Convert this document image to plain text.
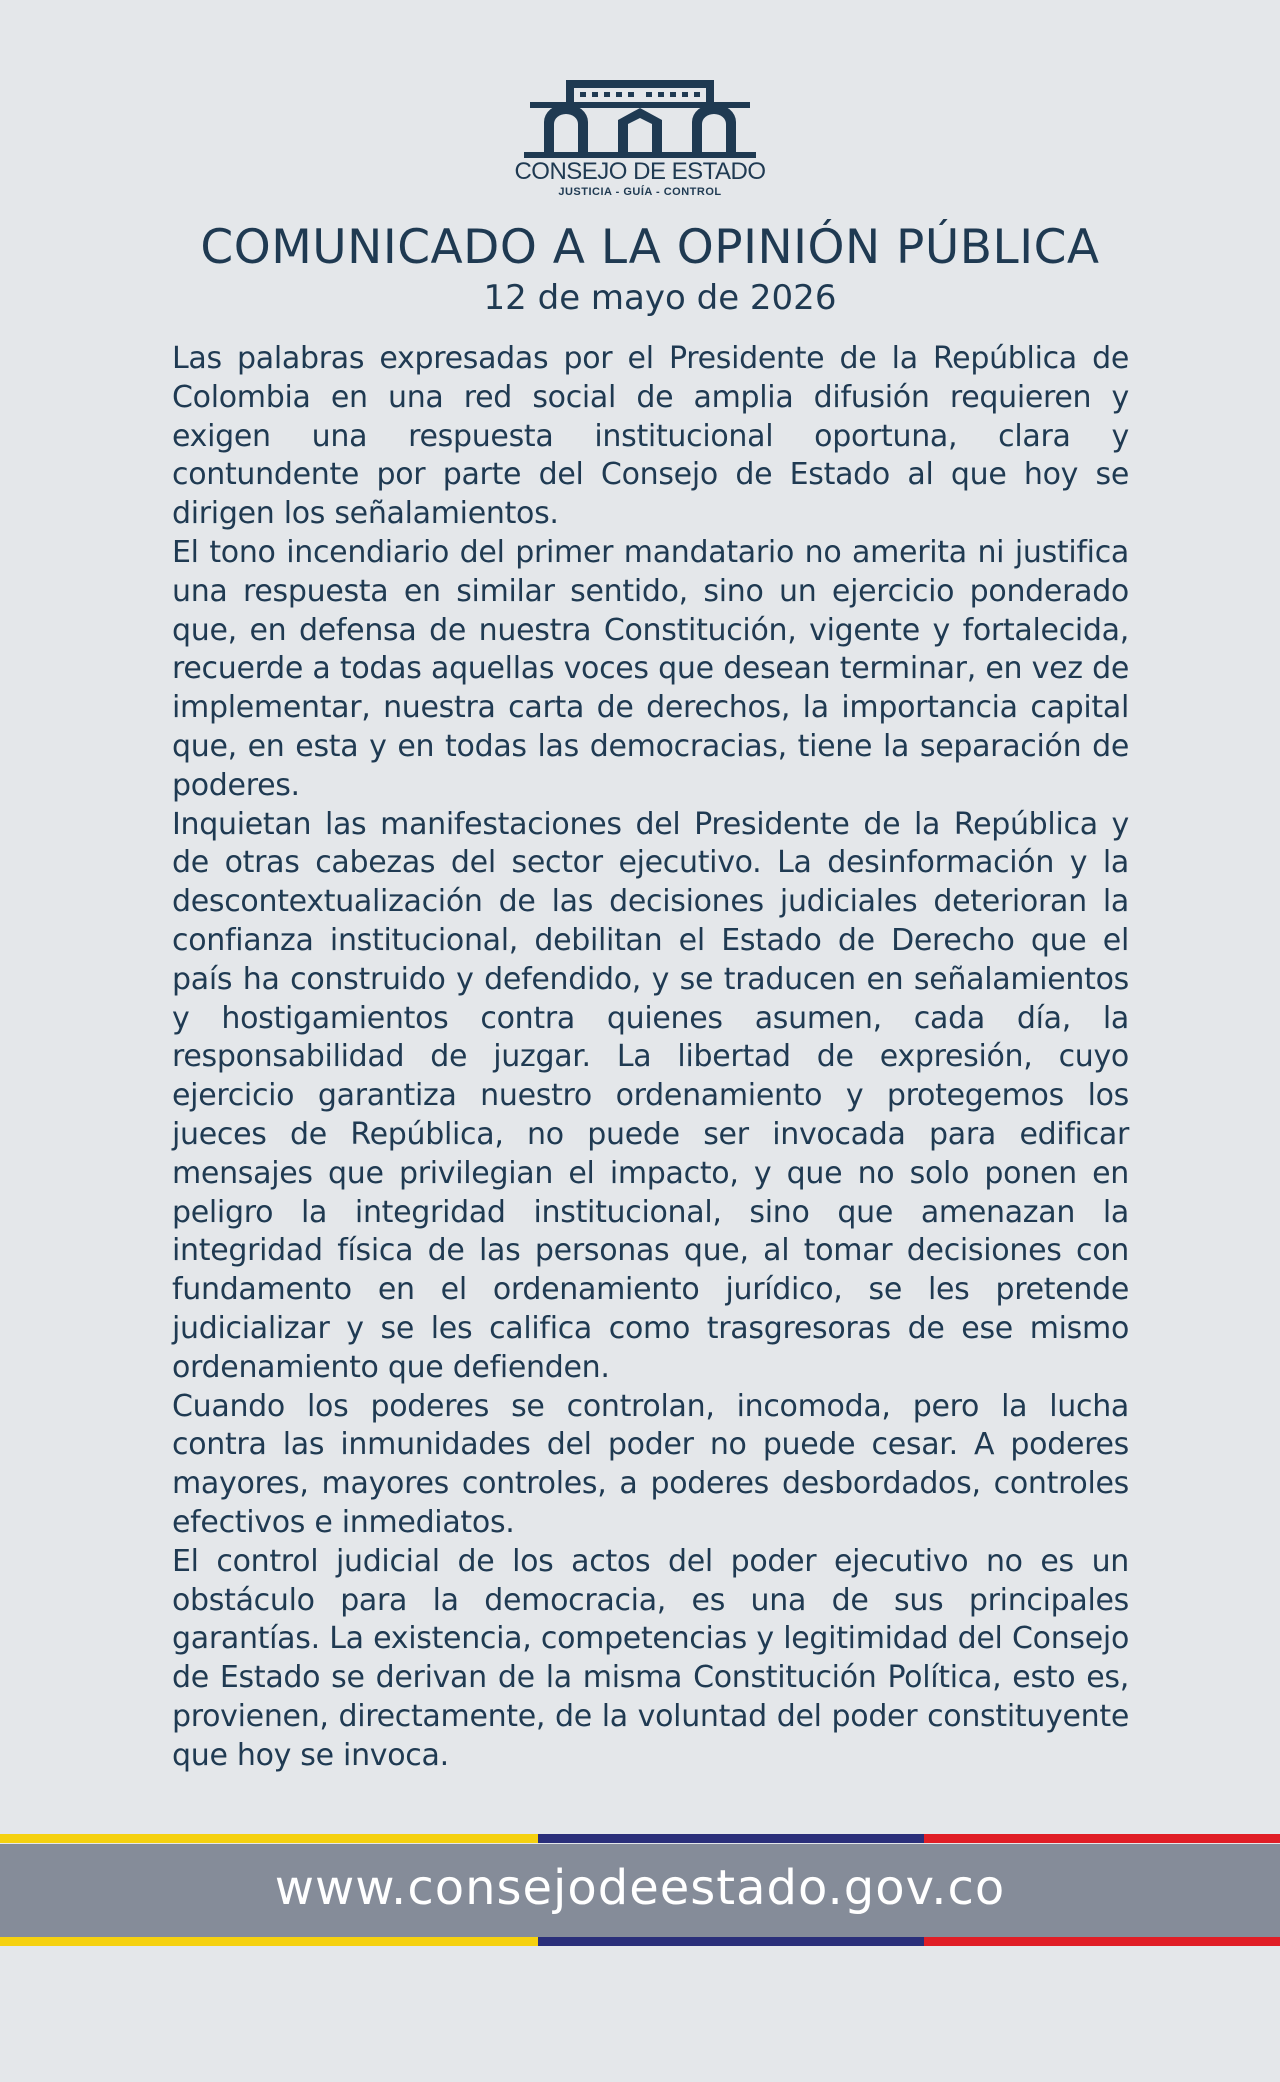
CONSEJO DE ESTADO
JUSTICIA - GUÍA - CONTROL
COMUNICADO A LA OPINIÓN PÚBLICA
12 de mayo de 2026

Las palabras expresadas por el Presidente de la República de Colombia en una red social de amplia difusión requieren y exigen una respuesta institucional oportuna, clara y contundente por parte del Consejo de Estado al que hoy se dirigen los señalamientos.

El tono incendiario del primer mandatario no amerita ni justifica una respuesta en similar sentido, sino un ejercicio ponderado que, en defensa de nuestra Constitución, vigente y fortalecida, recuerde a todas aquellas voces que desean terminar, en vez de implementar, nuestra carta de derechos, la importancia capital que, en esta y en todas las democracias, tiene la separación de poderes.

Inquietan las manifestaciones del Presidente de la República y de otras cabezas del sector ejecutivo. La desinformación y la descontextualización de las decisiones judiciales deterioran la confianza institucional, debilitan el Estado de Derecho que el país ha construido y defendido, y se traducen en señalamientos y hostigamientos contra quienes asumen, cada día, la responsabilidad de juzgar. La libertad de expresión, cuyo ejercicio garantiza nuestro ordenamiento y protegemos los jueces de República, no puede ser invocada para edificar mensajes que privilegian el impacto, y que no solo ponen en peligro la integridad institucional, sino que amenazan la integridad física de las personas que, al tomar decisiones con fundamento en el ordenamiento jurídico, se les pretende judicializar y se les califica como trasgresoras de ese mismo ordenamiento que defienden.

Cuando los poderes se controlan, incomoda, pero la lucha contra las inmunidades del poder no puede cesar. A poderes mayores, mayores controles, a poderes desbordados, controles efectivos e inmediatos.

El control judicial de los actos del poder ejecutivo no es un obstáculo para la democracia, es una de sus principales garantías. La existencia, competencias y legitimidad del Consejo de Estado se derivan de la misma Constitución Política, esto es, provienen, directamente, de la voluntad del poder constituyente que hoy se invoca.

www.consejodeestado.gov.co
